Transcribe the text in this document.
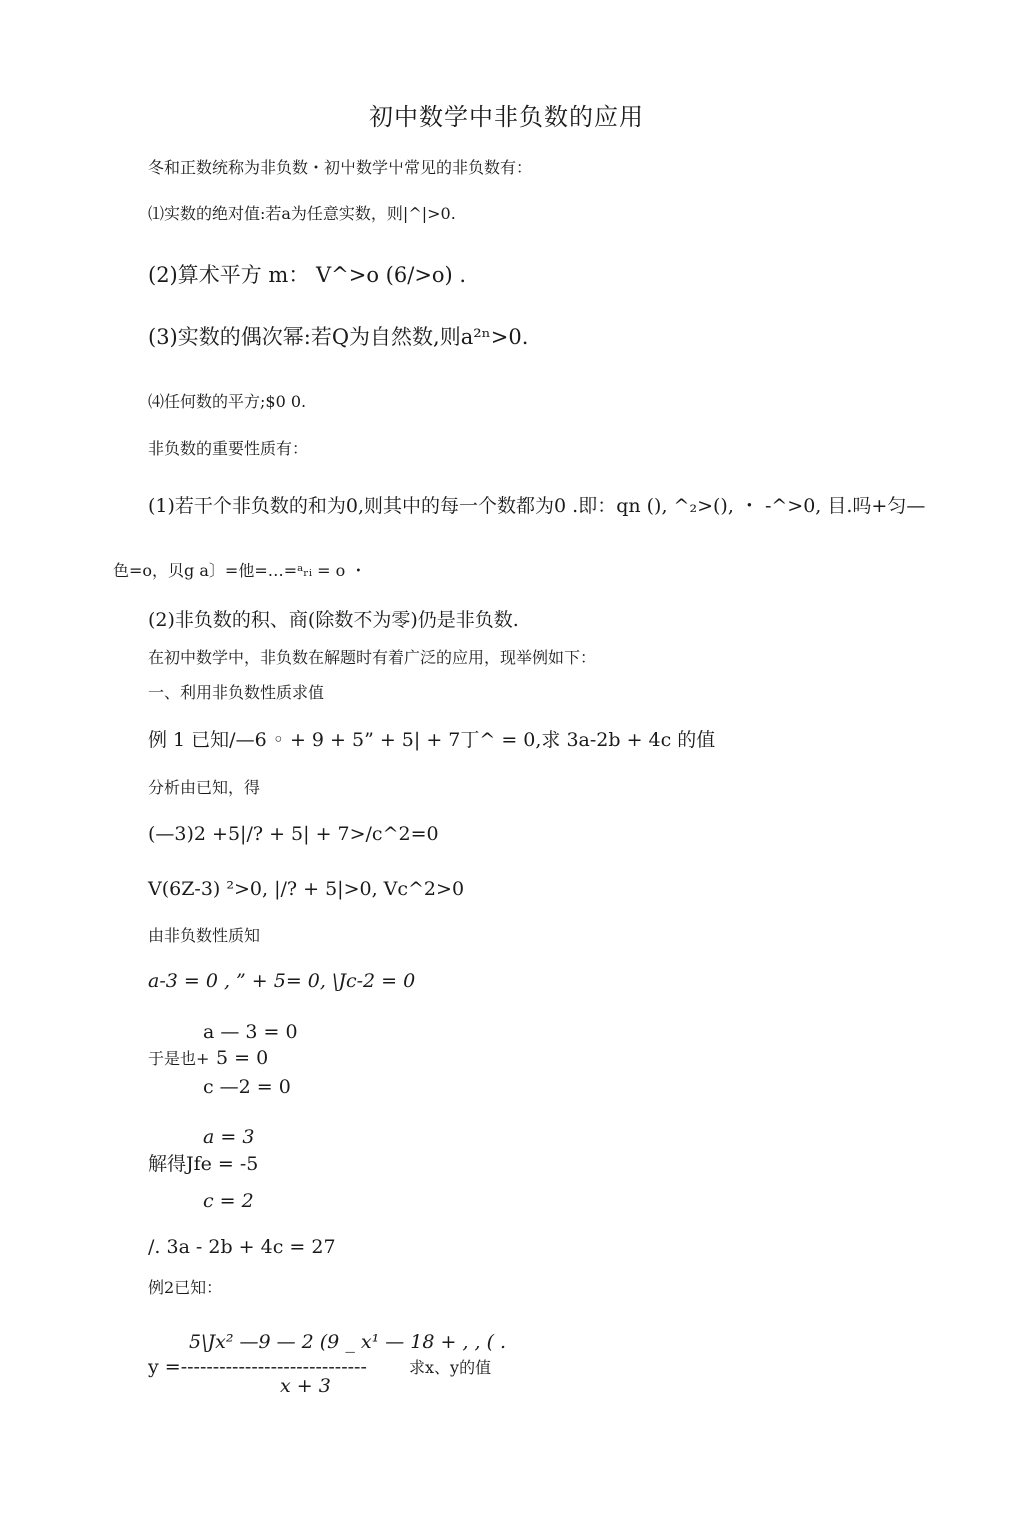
初中数学中非负数的应用
冬和正数统称为非负数・初屮数学屮常见的非负数有：
⑴实数的绝对值:若a为任意实数，则|^|>0.
(2)算术平方 m： V^>o (6/>o) .
(3)实数的偶次幂:若Q为自然数,则a²ⁿ>0.
⑷任何数的平方;$0 0.
非负数的重要性质有：
(1)若干个非负数的和为0,则其中的每一个数都为0 .即：qn (), ^₂>(), ・ -^>0, 目.吗+匀—
色=o，贝g a〕=他=…=ᵃᵣᵢ = o ・
(2)非负数的积、商(除数不为零)仍是非负数.
在初中数学中，非负数在解题时有着广泛的应用，现举例如下：
一、利用非负数性质求值
例 1 已知/—6 ◦ + 9 + 5” + 5| + 7丁^ = 0,求 3a-2b + 4c 的值
分析由已知，得
(—3)2 +5|/? + 5| + 7>/c^2=0
V(6Z-3) ²>0, |/? + 5|>0, Vc^2>0
由非负数性质知
a-3 = 0 , ” + 5= 0, \Jc-2 = 0
a — 3 = 0
于是也+ 5 = 0
c —2 = 0
a = 3
解得Jfe = -5
c = 2
/. 3a - 2b + 4c = 27
例2已知：
5\Jx² —9 — 2 (9 _ x¹ — 18 + , , ( .
y =-----------------------------	求x、y的值
x + 3
